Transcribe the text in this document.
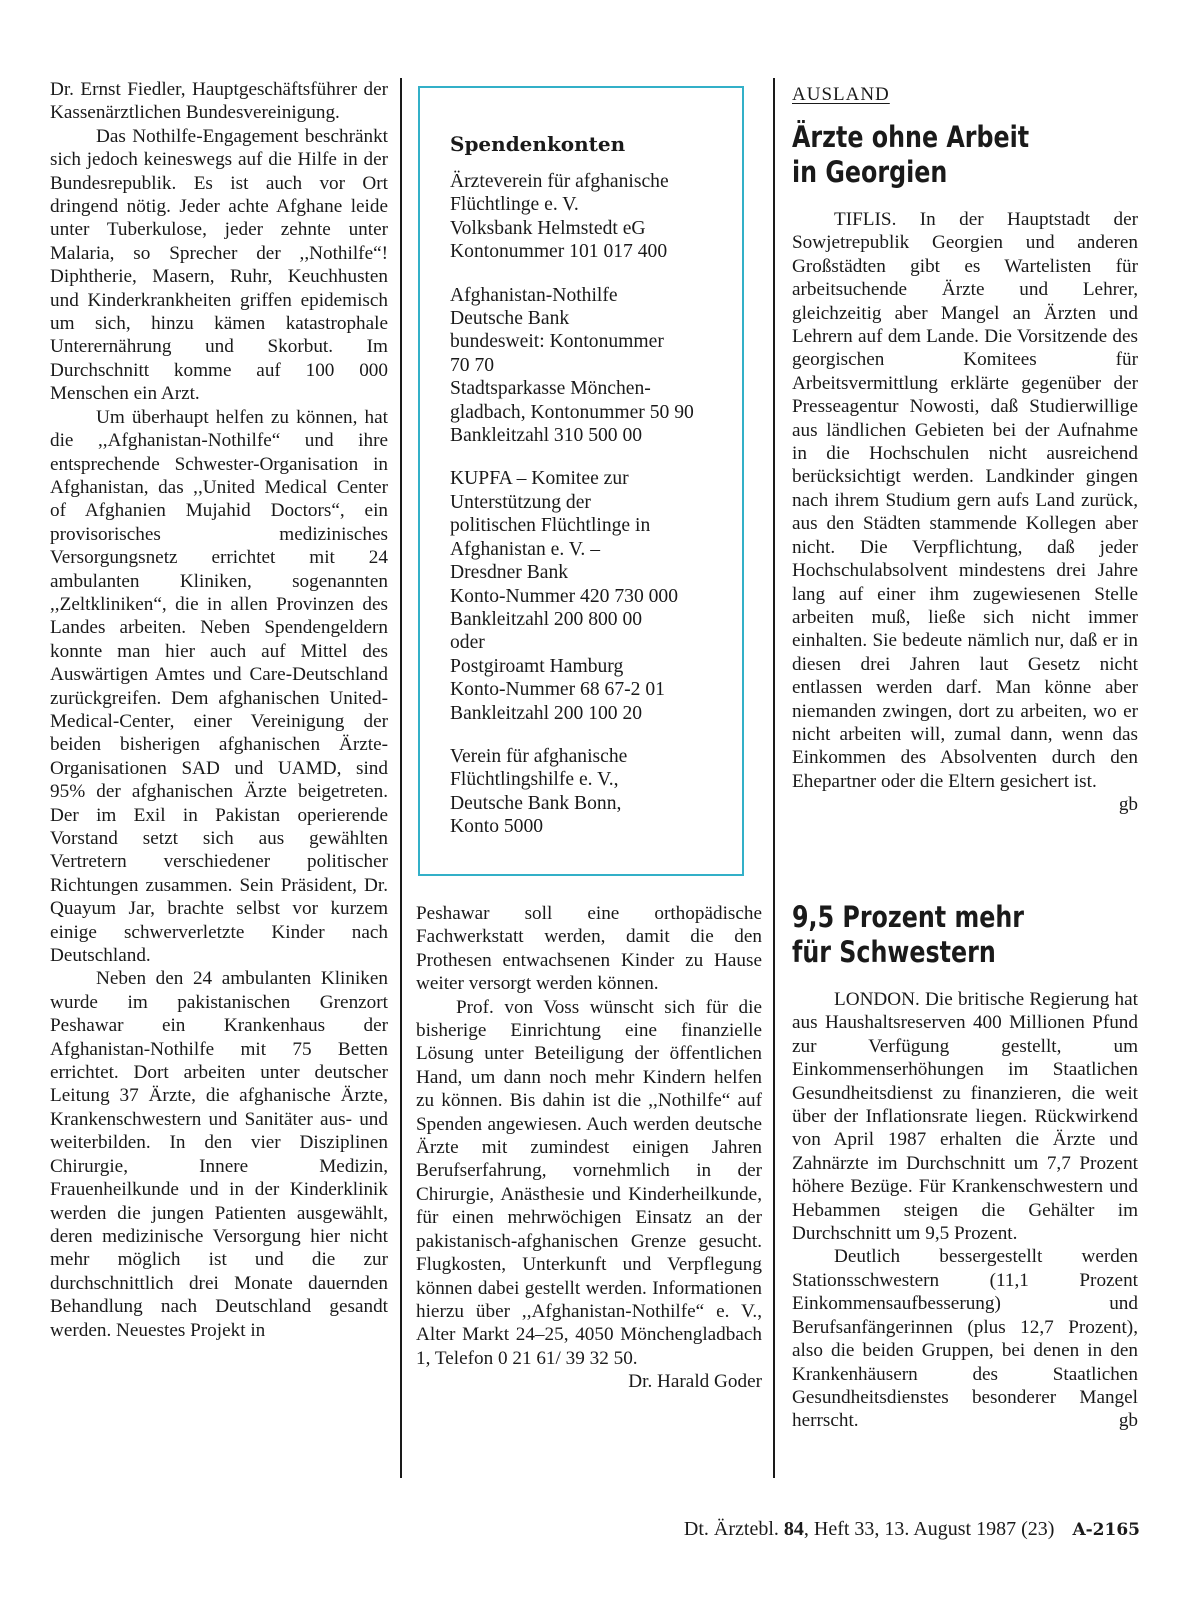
Dr. Ernst Fiedler, Hauptgeschäftsführer der Kassenärztlichen Bundesvereinigung.

Das Nothilfe-Engagement beschränkt sich jedoch keineswegs auf die Hilfe in der Bundesrepublik. Es ist auch vor Ort dringend nötig. Jeder achte Afghane leide unter Tuberkulose, jeder zehnte unter Malaria, so Sprecher der ,,Nothilfe“! Diphtherie, Masern, Ruhr, Keuchhusten und Kinderkrankheiten griffen epidemisch um sich, hinzu kämen katastrophale Unterernährung und Skorbut. Im Durchschnitt komme auf 100 000 Menschen ein Arzt.

Um überhaupt helfen zu können, hat die ,,Afghanistan-Nothilfe“ und ihre entsprechende Schwester-Organisation in Afghanistan, das ,,United Medical Center of Afghanien Mujahid Doctors“, ein provisorisches medizinisches Versorgungsnetz errichtet mit 24 ambulanten Kliniken, sogenannten ,,Zeltkliniken“, die in allen Provinzen des Landes arbeiten. Neben Spendengeldern konnte man hier auch auf Mittel des Auswärtigen Amtes und Care-Deutschland zurückgreifen. Dem afghanischen United-Medical-Center, einer Vereinigung der beiden bisherigen afghanischen Ärzte-Organisationen SAD und UAMD, sind 95% der afghanischen Ärzte beigetreten. Der im Exil in Pakistan operierende Vorstand setzt sich aus gewählten Vertretern verschiedener politischer Richtungen zusammen. Sein Präsident, Dr. Quayum Jar, brachte selbst vor kurzem einige schwerverletzte Kinder nach Deutschland.

Neben den 24 ambulanten Kliniken wurde im pakistanischen Grenzort Peshawar ein Krankenhaus der Afghanistan-Nothilfe mit 75 Betten errichtet. Dort arbeiten unter deutscher Leitung 37 Ärzte, die afghanische Ärzte, Krankenschwestern und Sanitäter aus- und weiterbilden. In den vier Disziplinen Chirurgie, Innere Medizin, Frauenheilkunde und in der Kinderklinik werden die jungen Patienten ausgewählt, deren medizinische Versorgung hier nicht mehr möglich ist und die zur durchschnittlich drei Monate dauernden Behandlung nach Deutschland gesandt werden. Neuestes Projekt in

Spendenkonten
Ärzteverein für afghanische
Flüchtlinge e. V.
Volksbank Helmstedt eG
Kontonummer 101 017 400
Afghanistan-Nothilfe
Deutsche Bank
bundesweit: Kontonummer
70 70
Stadtsparkasse Mönchen-
gladbach, Kontonummer 50 90
Bankleitzahl 310 500 00
KUPFA – Komitee zur
Unterstützung der
politischen Flüchtlinge in
Afghanistan e. V. –
Dresdner Bank
Konto-Nummer 420 730 000
Bankleitzahl 200 800 00
oder
Postgiroamt Hamburg
Konto-Nummer 68 67-2 01
Bankleitzahl 200 100 20
Verein für afghanische
Flüchtlingshilfe e. V.,
Deutsche Bank Bonn,
Konto 5000

Peshawar soll eine orthopädische Fachwerkstatt werden, damit die den Prothesen entwachsenen Kinder zu Hause weiter versorgt werden können.

Prof. von Voss wünscht sich für die bisherige Einrichtung eine finanzielle Lösung unter Beteiligung der öffentlichen Hand, um dann noch mehr Kindern helfen zu können. Bis dahin ist die ,,Nothilfe“ auf Spenden angewiesen. Auch werden deutsche Ärzte mit zumindest einigen Jahren Berufserfahrung, vornehmlich in der Chirurgie, Anästhesie und Kinderheilkunde, für einen mehrwöchigen Einsatz an der pakistanisch-afghanischen Grenze gesucht. Flugkosten, Unterkunft und Verpflegung können dabei gestellt werden. Informationen hierzu über ,,Afghanistan-Nothilfe“ e. V., Alter Markt 24–25, 4050 Mönchengladbach 1, Telefon 0 21 61/ 39 32 50.
Dr. Harald Goder

AUSLAND
Ärzte ohne Arbeit
in Georgien

TIFLIS. In der Hauptstadt der Sowjetrepublik Georgien und anderen Großstädten gibt es Wartelisten für arbeitsuchende Ärzte und Lehrer, gleichzeitig aber Mangel an Ärzten und Lehrern auf dem Lande. Die Vorsitzende des georgischen Komitees für Arbeitsvermittlung erklärte gegenüber der Presseagentur Nowosti, daß Studierwillige aus ländlichen Gebieten bei der Aufnahme in die Hochschulen nicht ausreichend berücksichtigt werden. Landkinder gingen nach ihrem Studium gern aufs Land zurück, aus den Städten stammende Kollegen aber nicht. Die Verpflichtung, daß jeder Hochschulabsolvent mindestens drei Jahre lang auf einer ihm zugewiesenen Stelle arbeiten muß, ließe sich nicht immer einhalten. Sie bedeute nämlich nur, daß er in diesen drei Jahren laut Gesetz nicht entlassen werden darf. Man könne aber niemanden zwingen, dort zu arbeiten, wo er nicht arbeiten will, zumal dann, wenn das Einkommen des Absolventen durch den Ehepartner oder die Eltern gesichert ist.
gb

9,5 Prozent mehr
für Schwestern

LONDON. Die britische Regierung hat aus Haushaltsreserven 400 Millionen Pfund zur Verfügung gestellt, um Einkommenserhöhungen im Staatlichen Gesundheitsdienst zu finanzieren, die weit über der Inflationsrate liegen. Rückwirkend von April 1987 erhalten die Ärzte und Zahnärzte im Durchschnitt um 7,7 Prozent höhere Bezüge. Für Krankenschwestern und Hebammen steigen die Gehälter im Durchschnitt um 9,5 Prozent.

Deutlich bessergestellt werden Stationsschwestern (11,1 Prozent Einkommensaufbesserung) und Berufsanfängerinnen (plus 12,7 Prozent), also die beiden Gruppen, bei denen in den Krankenhäusern des Staatlichen Gesundheitsdienstes besonderer Mangel herrscht.	gb

Dt. Ärztebl. 84, Heft 33, 13. August 1987 (23) A-2165
